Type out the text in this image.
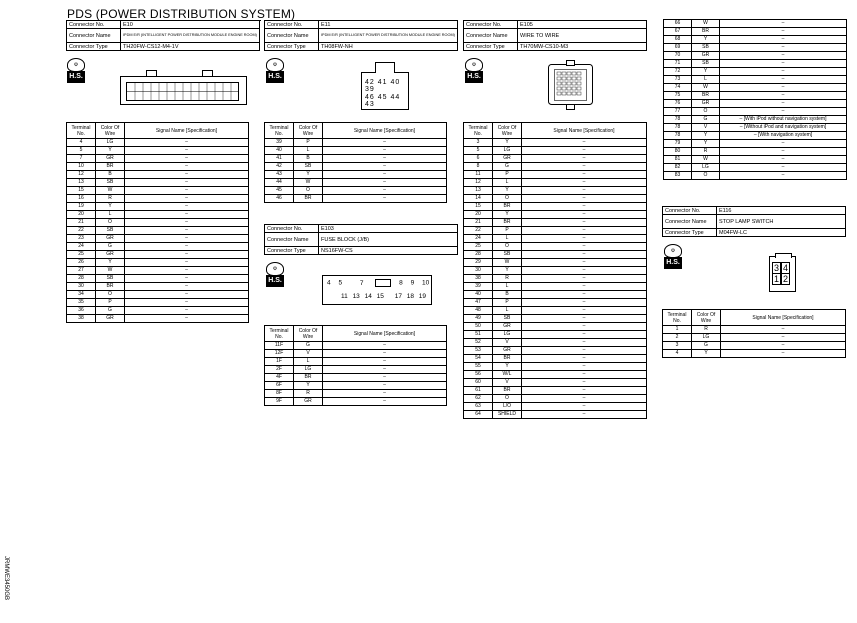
PDS (POWER DISTRIBUTION SYSTEM)
JRMWE3450GB
Connector No.	E10
Connector Name	IPDM E/R (INTELLIGENT POWER DISTRIBUTION MODULE ENGINE ROOM)
Connector Type	TH20FW-CS12-M4-1V
⚙
H.S.
Terminal No.	Color Of Wire	Signal Name [Specification]
4	LG	–
5	Y	–
7	GR	–
10	BR	–
12	B	–
13	SB	–
15	W	–
16	R	–
19	Y	–
20	L	–
21	O	–
22	SB	–
23	GR	–
24	G	–
25	GR	–
26	Y	–
27	W	–
28	SB	–
30	BR	–
34	O	–
35	P	–
36	G	–
38	GR	–
Connector No.	E11
Connector Name	IPDM E/R (INTELLIGENT POWER DISTRIBUTION MODULE ENGINE ROOM)
Connector Type	TH08FW-NH
⚙
H.S.
42 41 40 39
46 45 44 43
Terminal No.	Color Of Wire	Signal Name [Specification]
39	P	–
40	L	–
41	B	–
42	SB	–
43	Y	–
44	W	–
45	O	–
46	BR	–
Connector No.	E103
Connector Name	FUSE BLOCK (J/B)
Connector Type	NS16FW-CS
⚙
H.S.	4 5	7	8 9 10
11 13 14 15 17 18 19
Terminal No.	Color Of Wire	Signal Name [Specification]
11F	G	–
12F	V	–
1F	L	–
2F	LG	–
4F	BR	–
6F	Y	–
8F	R	–
9F	GR	–
Connector No.	E105
Connector Name	WIRE TO WIRE
Connector Type	TH70MW-CS10-M3
⚙
H.S.
Terminal No.	Color Of Wire	Signal Name [Specification]
3	Y	–
5	LG	–
6	GR	–
8	G	–
11	P	–
12	L	–
13	Y	–
14	O	–
15	BR	–
20	Y	–
21	BR	–
22	P	–
24	L	–
25	O	–
28	SB	–
29	W	–
30	Y	–
38	R	–
39	L	–
40	B	–
47	P	–
48	L	–
49	SB	–
50	GR	–
51	LG	–
52	V	–
53	GR	–
54	BR	–
55	Y	–
56	W/L	–
60	V	–
61	BR	–
62	O	–
63	L/O	–
64	SHIELD	–
66	W	–
67	BR	–
68	Y	–
69	SB	–
70	GR	–
71	SB	–
72	Y	–
73	L	–
74	W	–
75	BR	–
76	GR	–
77	O	–
78	G	– [With iPod without navigation system]
78	V	– [Without iPod and navigation system]
78	Y	– [With navigation system]
79	Y	–
80	R	–
81	W	–
82	LG	–
83	O	–
Connector No.	E116
Connector Name	STOP LAMP SWITCH
Connector Type	M04FW-LC
⚙
H.S.
3 4
1 2
Terminal No.	Color Of Wire	Signal Name [Specification]
1	R	–
2	LG	–
3	G	–
4	Y	–
